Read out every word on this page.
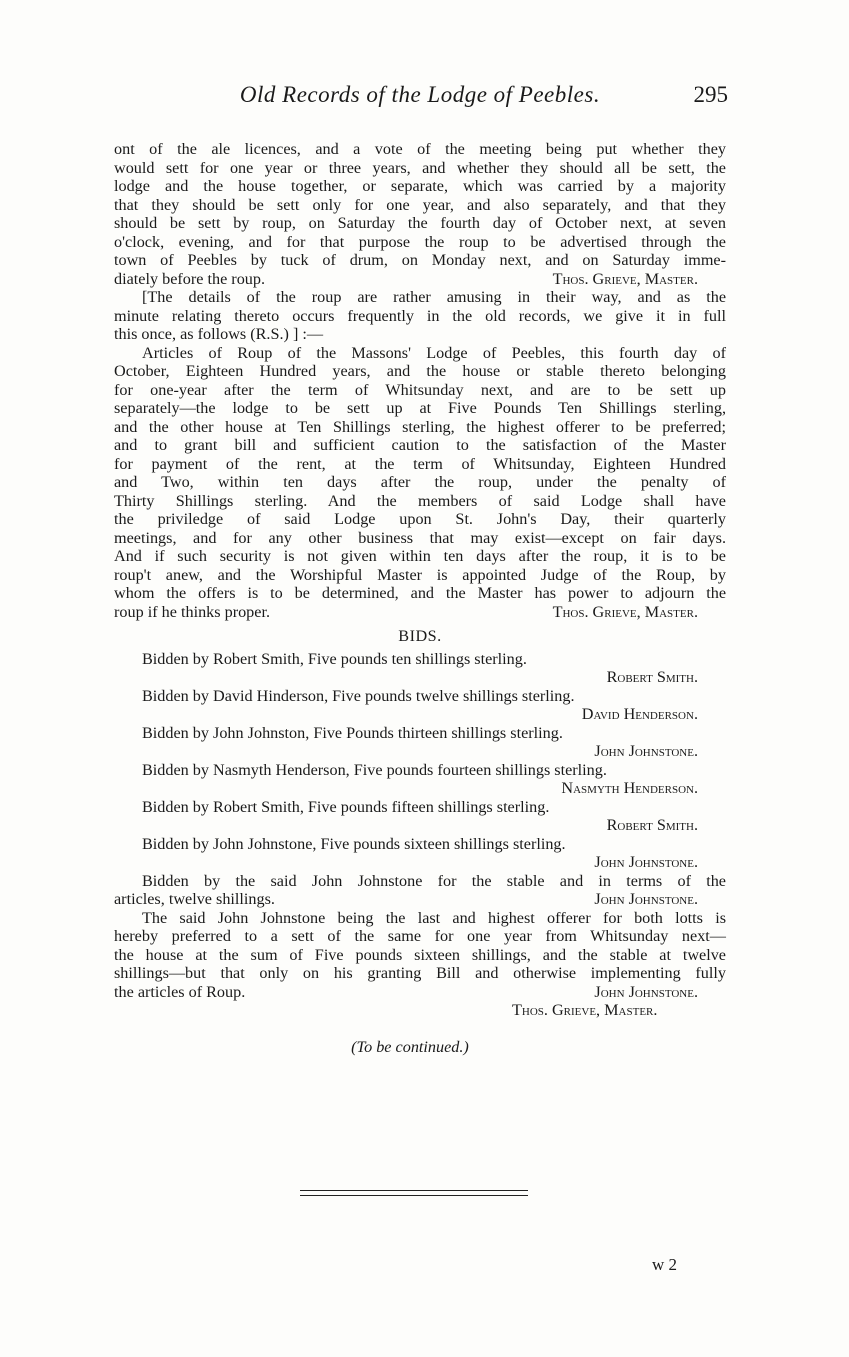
Old Records of the Lodge of Peebles.	295

ont of the ale licences, and a vote of the meeting being put whether they

would sett for one year or three years, and whether they should all be sett, the

lodge and the house together, or separate, which was carried by a majority

that they should be sett only for one year, and also separately, and that they

should be sett by roup, on Saturday the fourth day of October next, at seven

o'clock, evening, and for that purpose the roup to be advertised through the

town of Peebles by tuck of drum, on Monday next, and on Saturday imme-

diately before the roup.	Thos. Grieve, Master.

[The details of the roup are rather amusing in their way, and as the

minute relating thereto occurs frequently in the old records, we give it in full

this once, as follows (R.S.) ] :—

Articles of Roup of the Massons' Lodge of Peebles, this fourth day of

October, Eighteen Hundred years, and the house or stable thereto belonging

for one-year after the term of Whitsunday next, and are to be sett up

separately—the lodge to be sett up at Five Pounds Ten Shillings sterling,

and the other house at Ten Shillings sterling, the highest offerer to be preferred;

and to grant bill and sufficient caution to the satisfaction of the Master

for payment of the rent, at the term of Whitsunday, Eighteen Hundred

and Two, within ten days after the roup, under the penalty of

Thirty Shillings sterling. And the members of said Lodge shall have

the priviledge of said Lodge upon St. John's Day, their quarterly

meetings, and for any other business that may exist—except on fair days.

And if such security is not given within ten days after the roup, it is to be

roup't anew, and the Worshipful Master is appointed Judge of the Roup, by

whom the offers is to be determined, and the Master has power to adjourn the

roup if he thinks proper.	Thos. Grieve, Master.
BIDS.
Bidden by Robert Smith, Five pounds ten shillings sterling.
Robert Smith.
Bidden by David Hinderson, Five pounds twelve shillings sterling.
David Henderson.
Bidden by John Johnston, Five Pounds thirteen shillings sterling.
John Johnstone.
Bidden by Nasmyth Henderson, Five pounds fourteen shillings sterling.
Nasmyth Henderson.
Bidden by Robert Smith, Five pounds fifteen shillings sterling.
Robert Smith.
Bidden by John Johnstone, Five pounds sixteen shillings sterling.
John Johnstone.

Bidden by the said John Johnstone for the stable and in terms of the

articles, twelve shillings.	John Johnstone.

The said John Johnstone being the last and highest offerer for both lotts is

hereby preferred to a sett of the same for one year from Whitsunday next—

the house at the sum of Five pounds sixteen shillings, and the stable at twelve

shillings—but that only on his granting Bill and otherwise implementing fully

the articles of Roup.	John Johnstone.
Thos. Grieve, Master.
(To be continued.)
w 2
